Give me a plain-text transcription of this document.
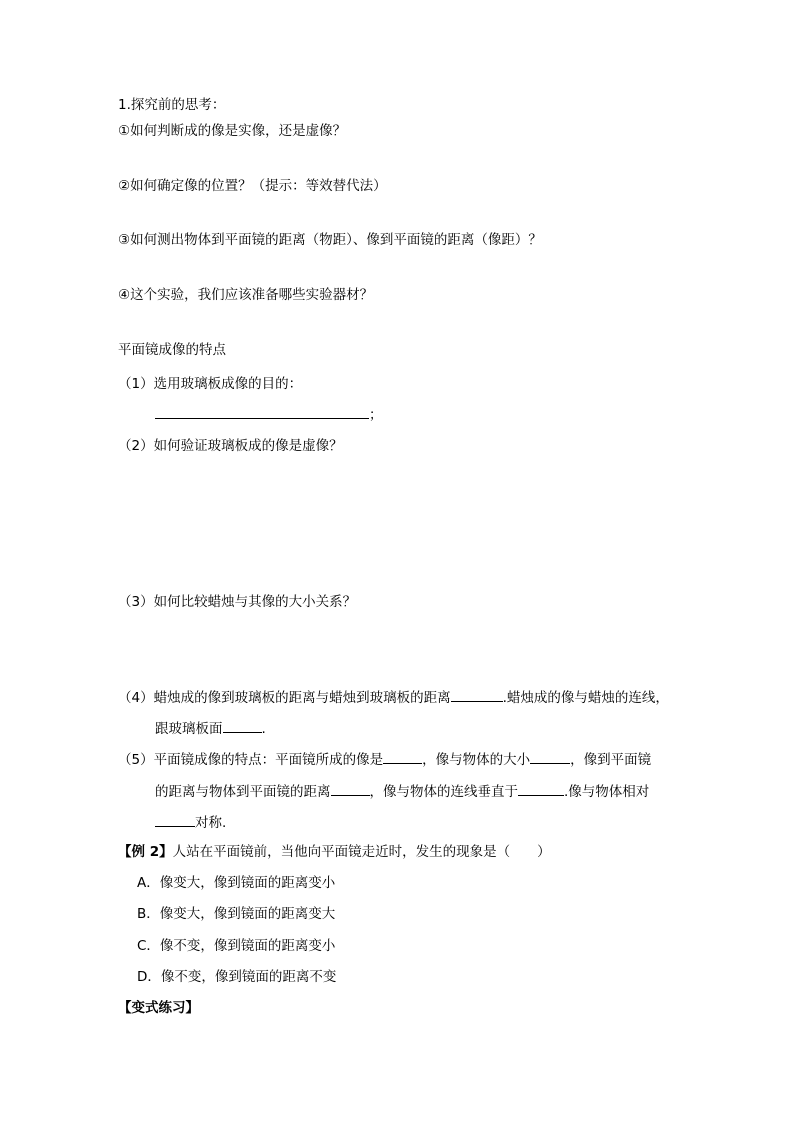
1.探究前的思考：
①如何判断成的像是实像，还是虚像？
②如何确定像的位置？（提示：等效替代法）
③如何测出物体到平面镜的距离（物距）、像到平面镜的距离（像距）？
④这个实验，我们应该准备哪些实验器材？
平面镜成像的特点
（1）选用玻璃板成像的目的：
；
（2）如何验证玻璃板成的像是虚像？
（3）如何比较蜡烛与其像的大小关系？
（4）蜡烛成的像到玻璃板的距离与蜡烛到玻璃板的距离	.蜡烛成的像与蜡烛的连线，
跟玻璃板面	.
（5）平面镜成像的特点：平面镜所成的像是	，像与物体的大小	，像到平面镜
的距离与物体到平面镜的距离	，像与物体的连线垂直于	.像与物体相对
对称.
【例 2】人站在平面镜前，当他向平面镜走近时，发生的现象是（　　）
A．像变大，像到镜面的距离变小
B．像变大，像到镜面的距离变大
C．像不变，像到镜面的距离变小
D．像不变，像到镜面的距离不变
【变式练习】
